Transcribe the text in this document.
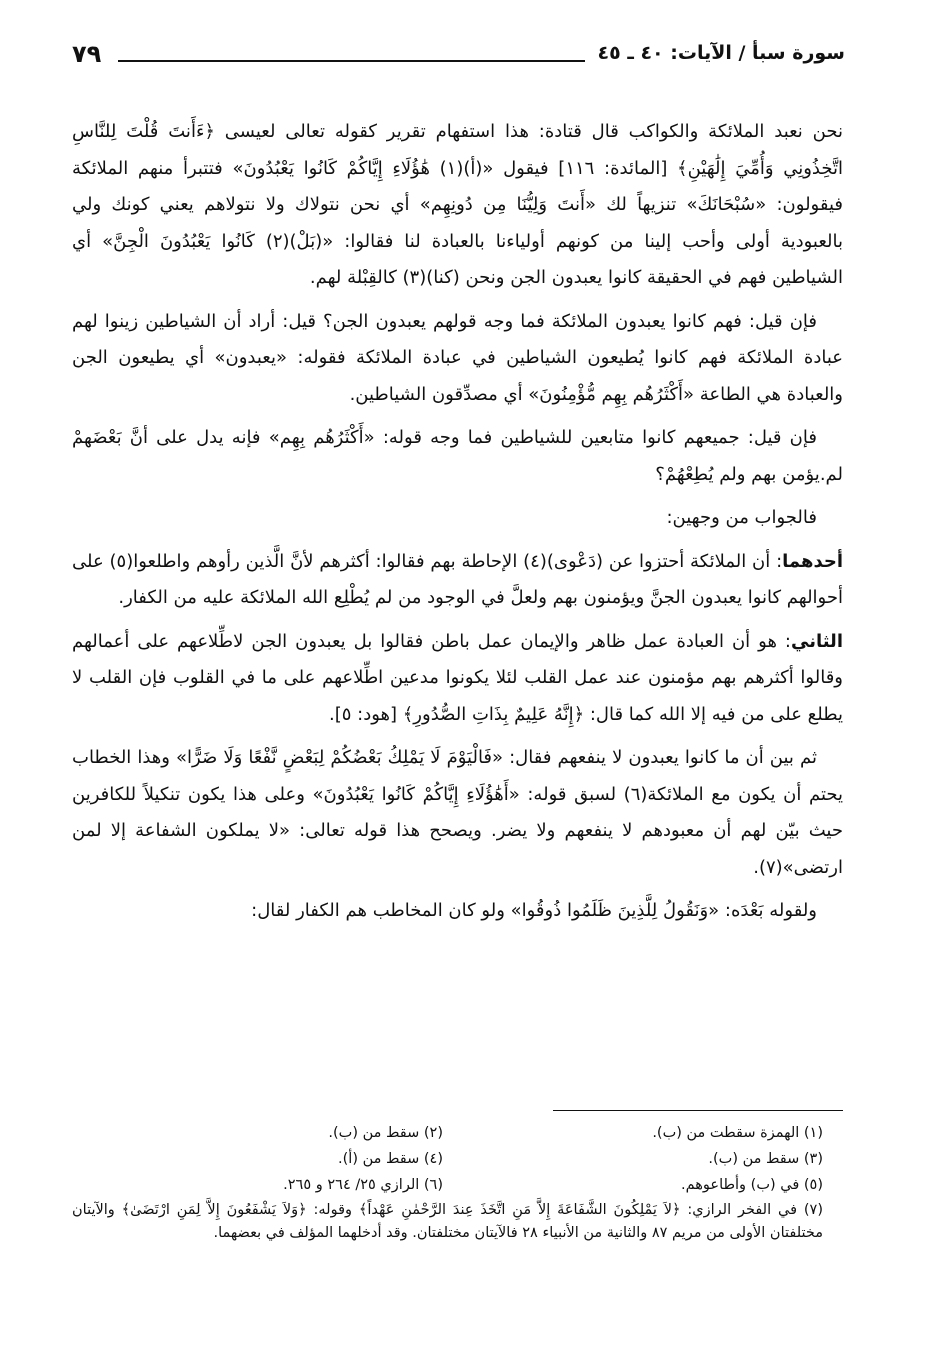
سورة سبأ / الآيات: ٤٠ ـ ٤٥
٧٩

نحن نعبد الملائكة والكواكب قال قتادة: هذا استفهام تقرير كقوله تعالى لعيسى ﴿ءَأَنتَ قُلْتَ لِلنَّاسِ اتَّخِذُونِي وَأُمِّيَ إِلَٰهَيْنِ﴾ [المائدة: ١١٦] فيقول «(أ)(١) هَٰؤُلَاءِ إِيَّاكُمْ كَانُوا يَعْبُدُونَ» فتتبرأ منهم الملائكة فيقولون: «سُبْحَانَكَ» تنزيهاً لك «أَنتَ وَلِيُّنَا مِن دُونِهِم» أي نحن نتولاك ولا نتولاهم يعني كونك ولي بالعبودية أولى وأحب إلينا من كونهم أولياءنا بالعبادة لنا فقالوا: «(بَلْ)(٢) كَانُوا يَعْبُدُونَ الْجِنَّ» أي الشياطين فهم في الحقيقة كانوا يعبدون الجن ونحن (كنا)(٣) كالقِبْلة لهم.

فإن قيل: فهم كانوا يعبدون الملائكة فما وجه قولهم يعبدون الجن؟ قيل: أراد أن الشياطين زينوا لهم عبادة الملائكة فهم كانوا يُطيعون الشياطين في عبادة الملائكة فقوله: «يعبدون» أي يطيعون الجن والعبادة هي الطاعة «أَكْثَرُهُم بِهِم مُّؤْمِنُونَ» أي مصدِّقون الشياطين.

فإن قيل: جميعهم كانوا متابعين للشياطين فما وجه قوله: «أَكْثَرُهُم بِهِم» فإنه يدل على أنَّ بَعْضَهمْ لم.يؤمن بهم ولم يُطِعْهُمْ؟

فالجواب من وجهين:

أحدهما: أن الملائكة أحتزوا عن (دَعْوى)(٤) الإحاطة بهم فقالوا: أكثرهم لأنَّ الَّذين رأوهم واطلعوا(٥) على أحوالهم كانوا يعبدون الجنَّ ويؤمنون بهم ولعلَّ في الوجود من لم يُطْلِع الله الملائكة عليه من الكفار.

الثاني: هو أن العبادة عمل ظاهر والإيمان عمل باطن فقالوا بل يعبدون الجن لاطِّلاعهم على أعمالهم وقالوا أكثرهم بهم مؤمنون عند عمل القلب لئلا يكونوا مدعين اطِّلاعهم على ما في القلوب فإن القلب لا يطلع على من فيه إلا الله كما قال: ﴿إِنَّهُ عَلِيمٌ بِذَاتِ الصُّدُورِ﴾ [هود: ٥].

ثم بين أن ما كانوا يعبدون لا ينفعهم فقال: «فَالْيَوْمَ لَا يَمْلِكُ بَعْضُكُمْ لِبَعْضٍ نَّفْعًا وَلَا ضَرًّا» وهذا الخطاب يحتم أن يكون مع الملائكة(٦) لسبق قوله: «أَهَٰؤُلَاءِ إِيَّاكُمْ كَانُوا يَعْبُدُونَ» وعلى هذا يكون تنكيلاً للكافرين حيث بيّن لهم أن معبودهم لا ينفعهم ولا يضر. ويصحح هذا قوله تعالى: «لا يملكون الشفاعة إلا لمن ارتضى»(٧).

ولقوله بَعْدَه: «وَنَقُولُ لِلَّذِينَ ظَلَمُوا ذُوقُوا» ولو كان المخاطب هم الكفار لقال:

(١) الهمزة سقطت من (ب).
(٢) سقط من (ب).
(٣) سقط من (ب).
(٤) سقط من (أ).
(٥) في (ب) وأطاعوهم.
(٦) الرازي ٢٥/ ٢٦٤ و ٢٦٥.
(٧) في الفخر الرازي: ﴿لاَ يَمْلِكُونَ الشَّفَاعَةَ إِلاَّ مَنِ اتَّخَذَ عِندَ الرَّحْمٰنِ عَهْداً﴾ وقوله: ﴿وَلاَ يَشْفَعُونَ إِلاَّ لِمَنِ ارْتَضَىٰ﴾ والآيتان مختلفتان الأولى من مريم ٨٧ والثانية من الأنبياء ٢٨ فالآيتان مختلفتان. وقد أدخلهما المؤلف في بعضهما.
